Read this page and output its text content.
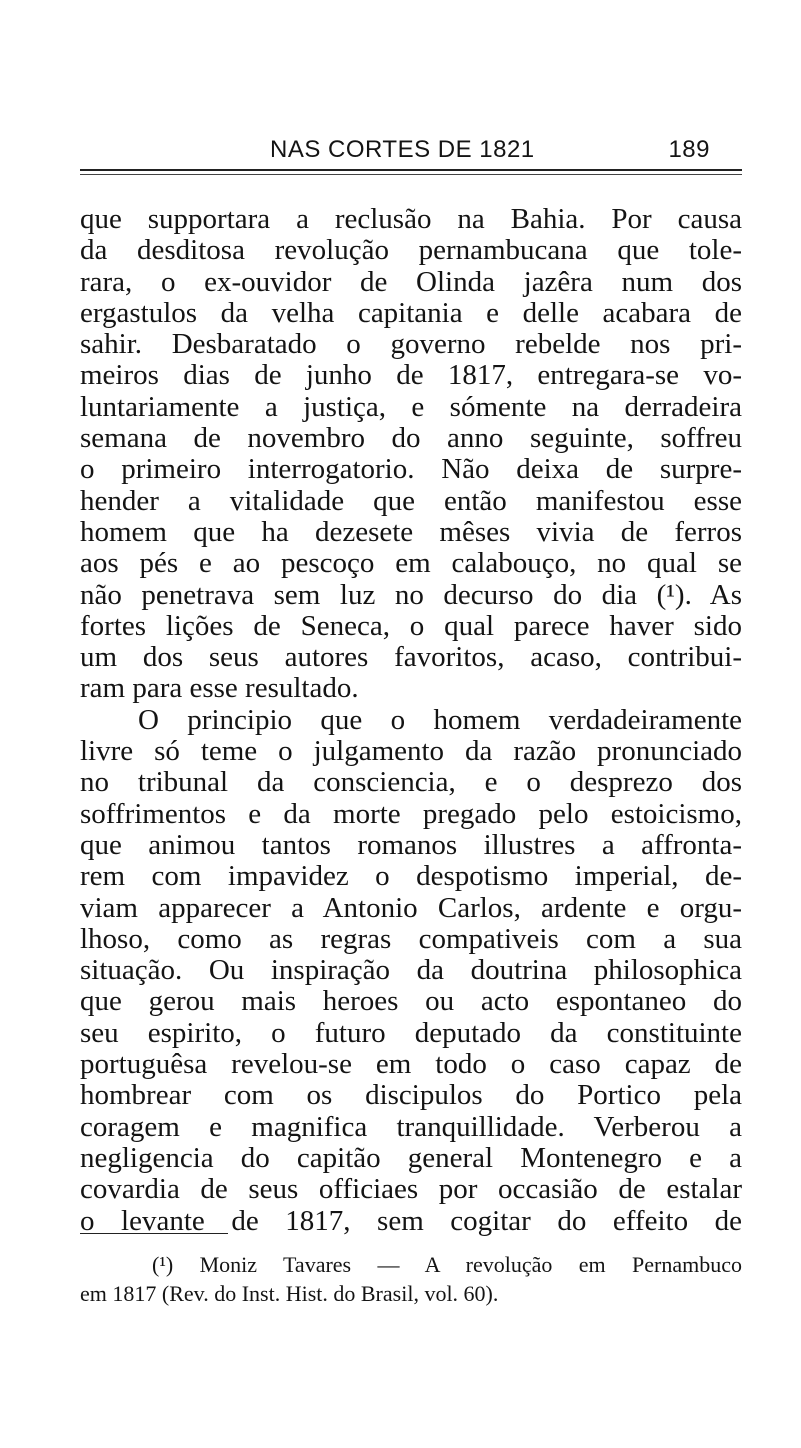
NAS CORTES DE 1821	189
que supportara a reclusão na Bahia. Por causa
da desditosa revolução pernambucana que tole-
rara, o ex-ouvidor de Olinda jazêra num dos
ergastulos da velha capitania e delle acabara de
sahir. Desbaratado o governo rebelde nos pri-
meiros dias de junho de 1817, entregara-se vo-
luntariamente a justiça, e sómente na derradeira
semana de novembro do anno seguinte, soffreu
o primeiro interrogatorio. Não deixa de surpre-
hender a vitalidade que então manifestou esse
homem que ha dezesete mêses vivia de ferros
aos pés e ao pescoço em calabouço, no qual se
não penetrava sem luz no decurso do dia (¹). As
fortes lições de Seneca, o qual parece haver sido
um dos seus autores favoritos, acaso, contribui-
ram para esse resultado.
O principio que o homem verdadeiramente
livre só teme o julgamento da razão pronunciado
no tribunal da consciencia, e o desprezo dos
soffrimentos e da morte pregado pelo estoicismo,
que animou tantos romanos illustres a affronta-
rem com impavidez o despotismo imperial, de-
viam apparecer a Antonio Carlos, ardente e orgu-
lhoso, como as regras compativeis com a sua
situação. Ou inspiração da doutrina philosophica
que gerou mais heroes ou acto espontaneo do
seu espirito, o futuro deputado da constituinte
portuguêsa revelou-se em todo o caso capaz de
hombrear com os discipulos do Portico pela
coragem e magnifica tranquillidade. Verberou a
negligencia do capitão general Montenegro e a
covardia de seus officiaes por occasião de estalar
o levante de 1817, sem cogitar do effeito de
(¹) Moniz Tavares — A revolução em Pernambuco
em 1817 (Rev. do Inst. Hist. do Brasil, vol. 60).
